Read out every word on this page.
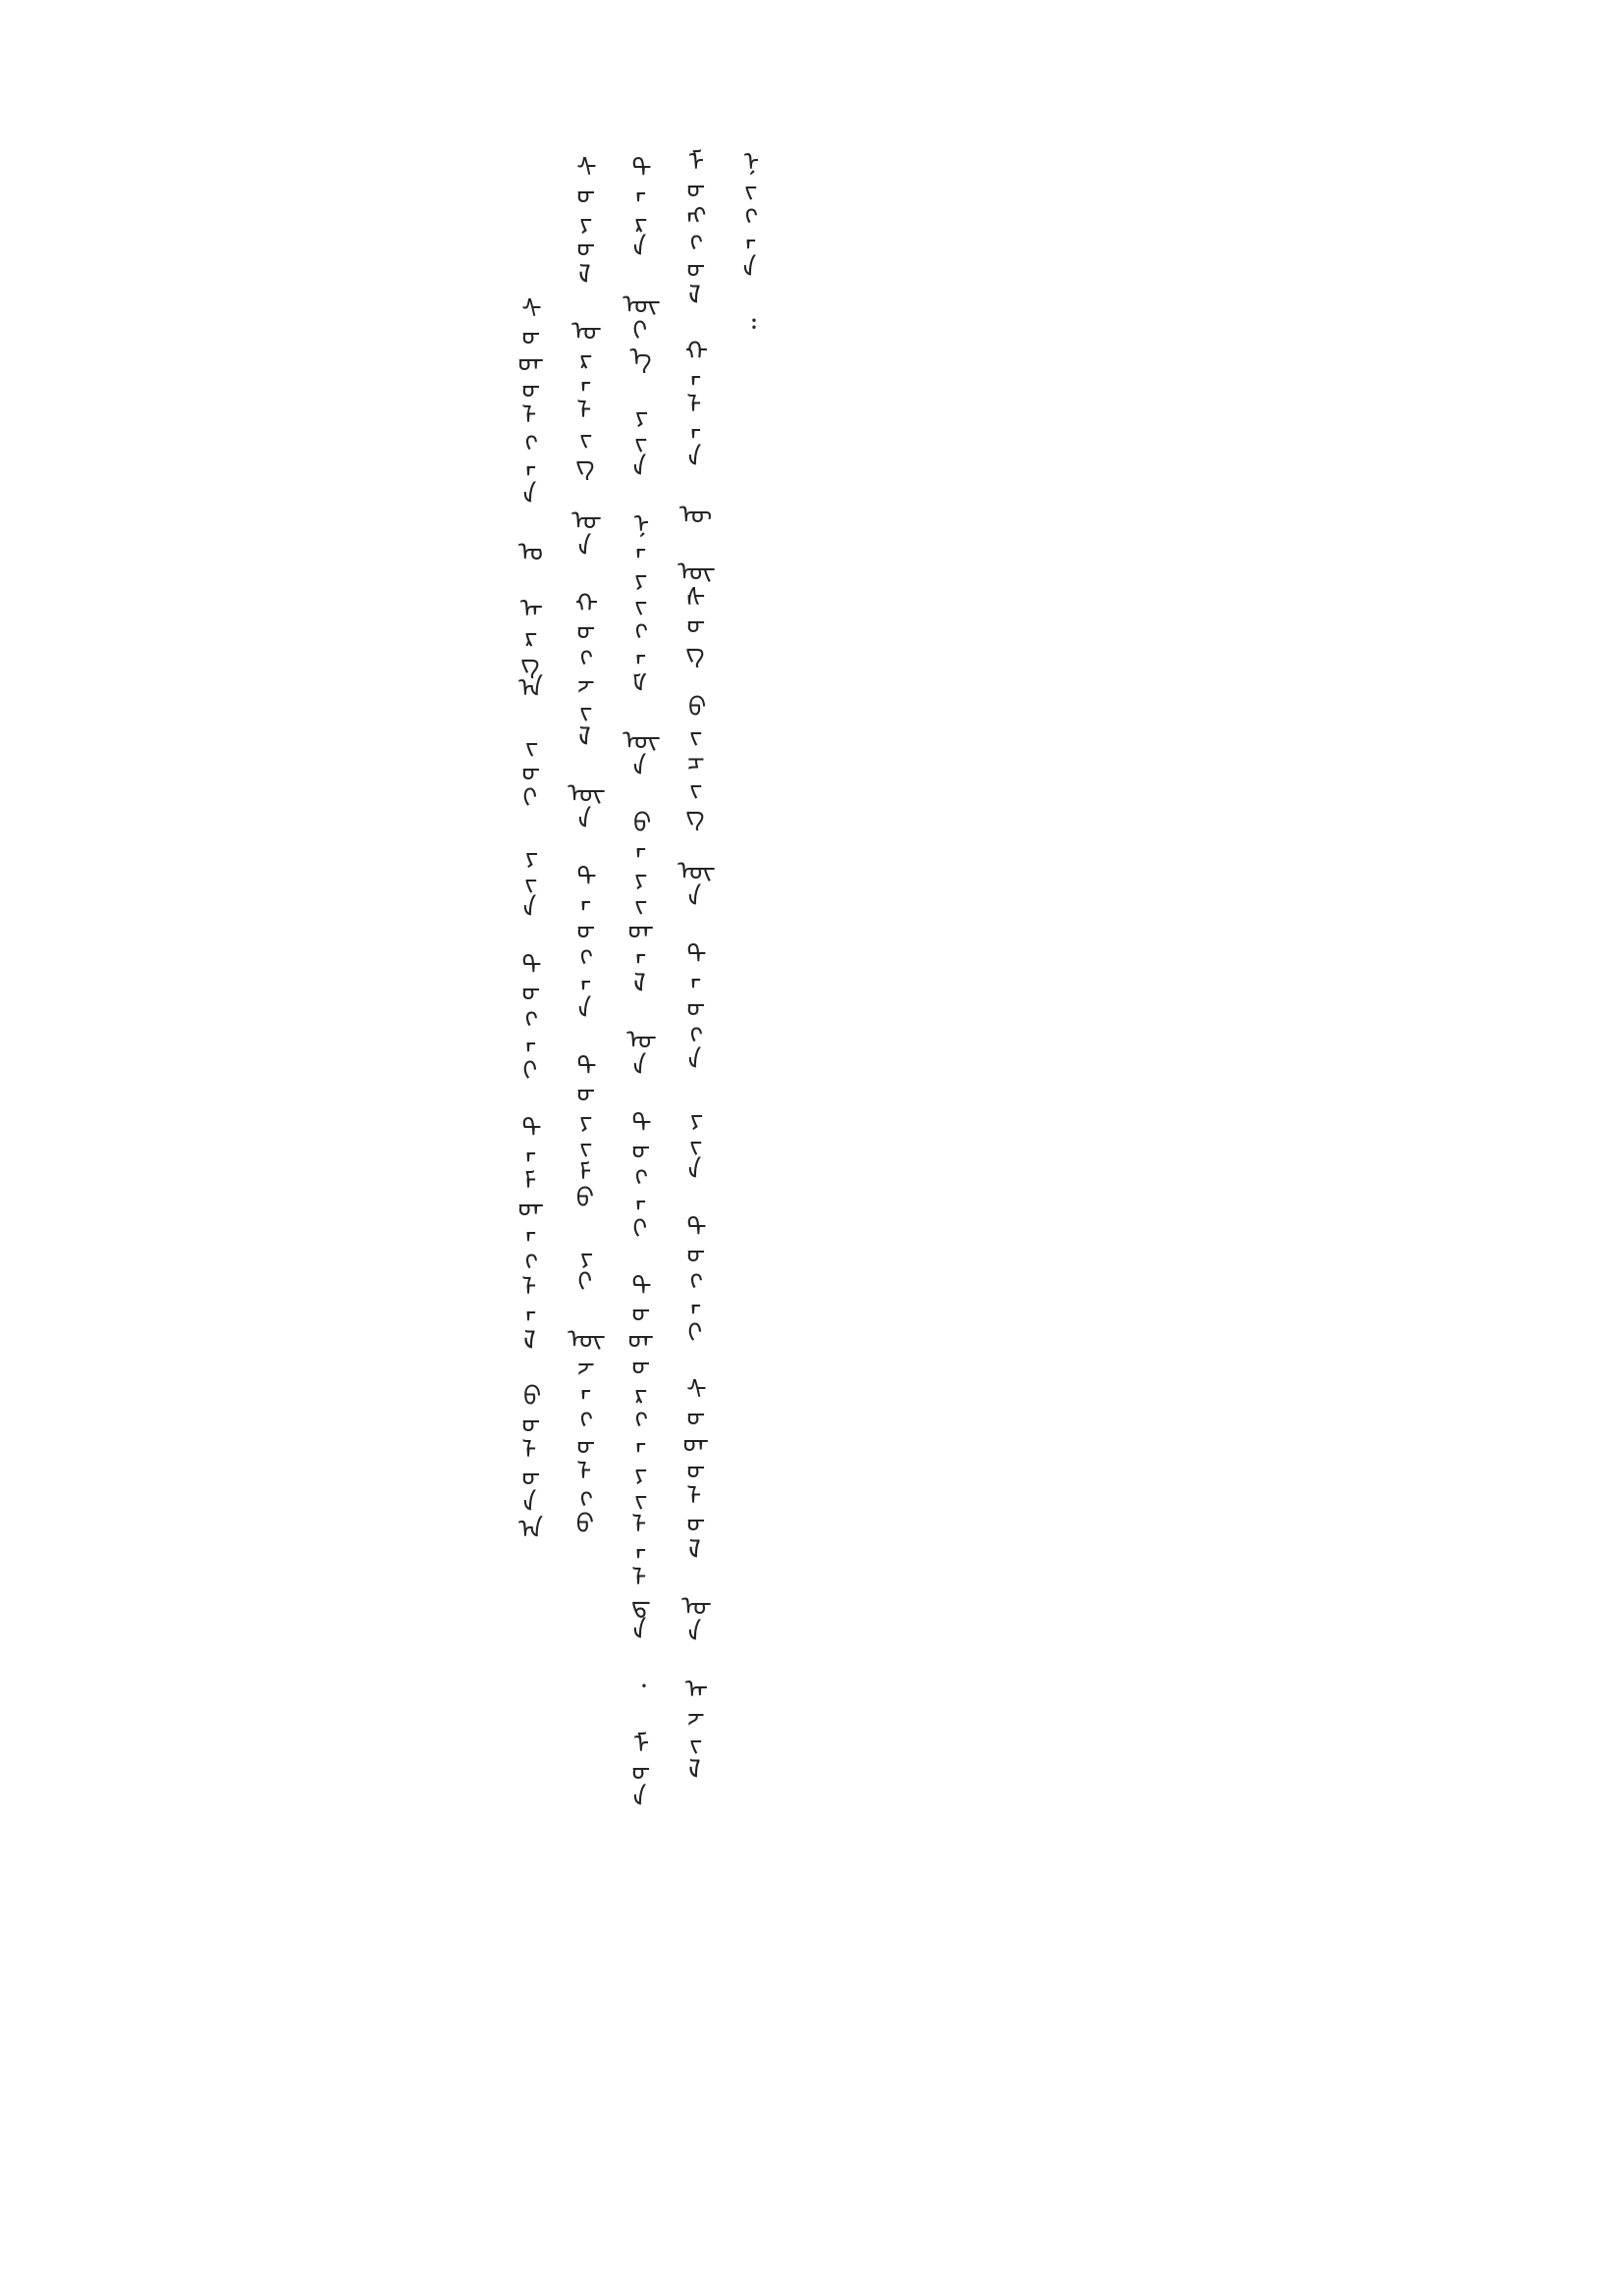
ᠨᠢᠭᠡᠨ ᠄
ᠮᠣᠩᠭᠣᠯ ᠬᠡᠯᠡᠨ ᠦ ᠦᠰᠦᠭ ᠪᠢᠴᠢᠭ ᠦᠨ ᠲᠡᠦᠬᠡ ᠶᠢᠨ ᠲᠤᠬᠠᠢ ᠰᠤᠳᠤᠯᠤᠯ ᠤᠨ ᠠᠵᠢᠯ
ᠲᠡᠷᠡ ᠦᠶ᠎ᠡ ᠶᠢᠨ ᠨᠡᠶᠢᠭᠡᠮ ᠦᠨ ᠪᠠᠶᠢᠳᠠᠯ ᠤᠨ ᠲᠤᠬᠠᠢ ᠲᠣᠳᠣᠷᠬᠠᠶᠢᠯᠠᠯᠲᠠ ᠂ ᠮᠥᠨ
ᠰᠤᠶᠤᠯ ᠤᠷᠠᠯᠢᠭ ᠤᠨ ᠬᠥᠭᠵᠢᠯ ᠦᠨ ᠲᠡᠦᠬᠡᠨ ᠲᠣᠶᠢᠮᠤ ᠶᠢ ᠦᠵᠡᠭᠦᠯᠬᠦ
ᠰᠤᠳᠤᠯᠭᠠᠨ ᠤ ᠠᠷᠭ᠎ᠠ ᠵᠦᠢ ᠶᠢᠨ ᠲᠤᠬᠠᠢ ᠲᠡᠮᠳᠡᠭᠯᠡᠯ ᠪᠣᠯᠤᠨ᠎ᠠ
